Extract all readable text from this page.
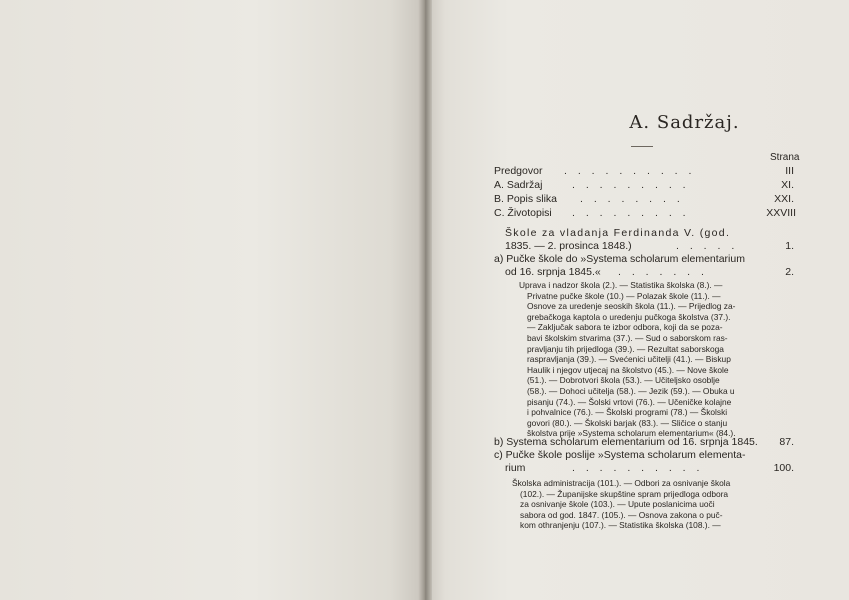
A. Sadržaj.
Strana
Predgovor . . . . . . . . . .	III
A. Sadržaj	. . . . . . . . .	XI.
B. Popis slika . . . . . . . .	XXI.
C. Životopisi . . . . . . . . .	XXVIII
Škole za vladanja Ferdinanda V. (god.
1835. — 2. prosinca 1848.)	. . . . .	1.
a) Pučke škole do »Systema scholarum elementarium
od 16. srpnja 1845.« . . . . . . .	2.
Uprava i nadzor škola (2.). — Statistika školska (8.). —
Privatne pučke škole (10.) — Polazak škole (11.). —
Osnove za uredenje seoskih škola (11.). — Prijedlog za-
grebačkoga kaptola o uredenju pučkoga školstva (37.).
— Zaključak sabora te izbor odbora, koji da se poza-
bavi školskim stvarima (37.). — Sud o saborskom ras-
pravljanju tih prijedloga (39.). — Rezultat saborskoga
raspravljanja (39.). — Svećenici učitelji (41.). — Biskup
Haulik i njegov utjecaj na školstvo (45.). — Nove škole
(51.). — Dobrotvori škola (53.). — Učiteljsko osoblje
(58.). — Dohoci učitelja (58.). — Jezik (59.). — Obuka u
pisanju (74.). — Šolski vrtovi (76.). — Učeničke kolajne
i pohvalnice (76.). — Školski programi (78.) — Školski
govori (80.). — Školski barjak (83.). — Sličice o stanju
školstva prije »Systema scholarum elementarium« (84.).
b) Systema scholarum elementarium od 16. srpnja 1845.	87.
c) Pučke škole poslije »Systema scholarum elementa-
rium	. . . . . . . . . .	100.
Školska administracija (101.). — Odbori za osnivanje škola
(102.). — Županijske skupštine spram prijedloga odbora
za osnivanje škole (103.). — Upute poslanicima uoči
sabora od god. 1847. (105.). — Osnova zakona o puč-
kom othranjenju (107.). — Statistika školska (108.). —
